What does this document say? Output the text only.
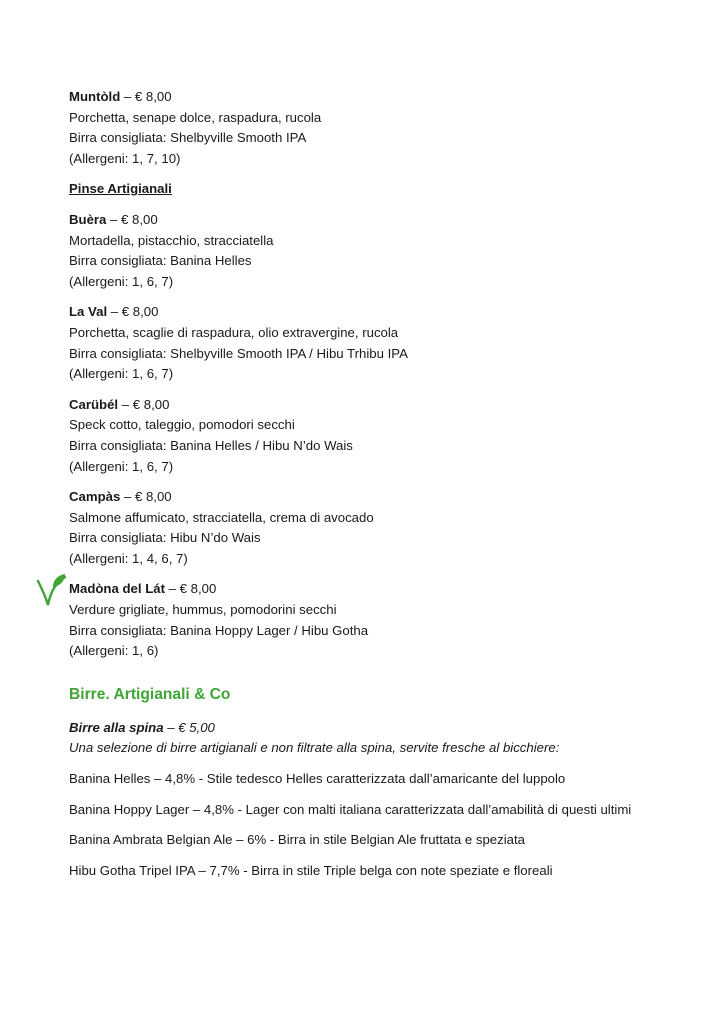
Muntòld – € 8,00
Porchetta, senape dolce, raspadura, rucola
Birra consigliata: Shelbyville Smooth IPA
(Allergeni: 1, 7, 10)
Pinse Artigianali
Buèra – € 8,00
Mortadella, pistacchio, stracciatella
Birra consigliata: Banina Helles
(Allergeni: 1, 6, 7)
La Val – € 8,00
Porchetta, scaglie di raspadura, olio extravergine, rucola
Birra consigliata: Shelbyville Smooth IPA / Hibu Trhibu IPA
(Allergeni: 1, 6, 7)
Carübél – € 8,00
Speck cotto, taleggio, pomodori secchi
Birra consigliata: Banina Helles / Hibu N’do Wais
(Allergeni: 1, 6, 7)
Campàs – € 8,00
Salmone affumicato, stracciatella, crema di avocado
Birra consigliata: Hibu N’do Wais
(Allergeni: 1, 4, 6, 7)
Madòna del Lát – € 8,00
Verdure grigliate, hummus, pomodorini secchi
Birra consigliata: Banina Hoppy Lager / Hibu Gotha
(Allergeni: 1, 6)
Birre. Artigianali & Co
Birre alla spina – € 5,00
Una selezione di birre artigianali e non filtrate alla spina, servite fresche al bicchiere:
Banina Helles – 4,8% - Stile tedesco Helles caratterizzata dall’amaricante del luppolo
Banina Hoppy Lager – 4,8% - Lager con malti italiana caratterizzata dall’amabilità di questi ultimi
Banina Ambrata Belgian Ale – 6% - Birra in stile Belgian Ale fruttata e speziata
Hibu Gotha Tripel IPA – 7,7% - Birra in stile Triple belga con note speziate e floreali
